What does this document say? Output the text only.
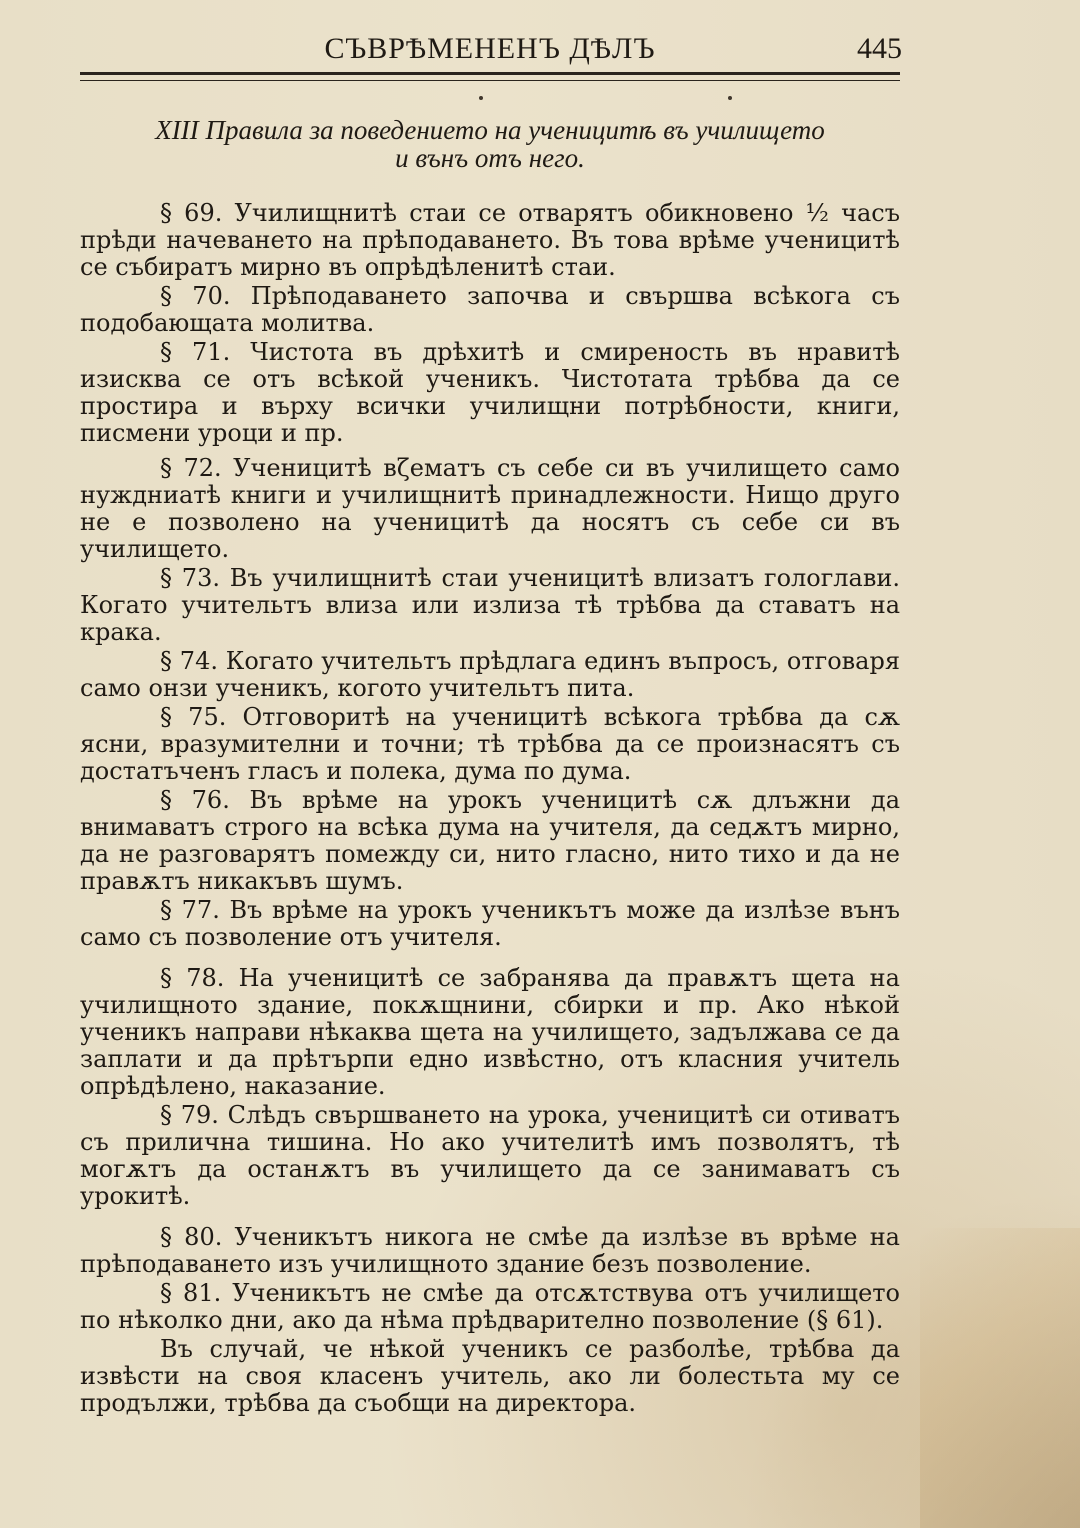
СЪВРѢМЕНЕНЪ ДѢЛЪ	445
XIII Правила за поведението на ученицитѣ въ училището
и вънъ отъ него.

§ 69. Училищнитѣ стаи се отварятъ обикновено ½ часъ прѣди начеването на прѣподаването. Въ това врѣме ученицитѣ се събиратъ мирно въ опрѣдѣленитѣ стаи.

§ 70. Прѣподаването започва и свършва всѣкога съ подобающата молитва.

§ 71. Чистота въ дрѣхитѣ и смиреность въ нравитѣ изисква се отъ всѣкой ученикъ. Чистотата трѣбва да се простира и върху всички училищни потрѣбности, книги, писмени уроци и пр.

§ 72. Ученицитѣ вζематъ съ себе си въ училището само нуждниатѣ книги и училищнитѣ принадлежности. Нищо друго не е позволено на ученицитѣ да носятъ съ себе си въ училището.

§ 73. Въ училищнитѣ стаи ученицитѣ влизатъ гологлави. Когато учительтъ влиза или излиза тѣ трѣбва да ставатъ на крака.

§ 74. Когато учительтъ прѣдлага единъ въпросъ, отговаря само онзи ученикъ, когото учительтъ пита.

§ 75. Отговоритѣ на ученицитѣ всѣкога трѣбва да сѫ ясни, вразумителни и точни; тѣ трѣбва да се произнасятъ съ достатъченъ гласъ и полека, дума по дума.

§ 76. Въ врѣме на урокъ ученицитѣ сѫ длъжни да внимаватъ строго на всѣка дума на учителя, да седѫтъ мирно, да не разговарятъ помежду си, нито гласно, нито тихо и да не правѫтъ никакъвъ шумъ.

§ 77. Въ врѣме на урокъ ученикътъ може да излѣзе вънъ само съ позволение отъ учителя.

§ 78. На ученицитѣ се забранява да правѫтъ щета на училищното здание, покѫщнини, сбирки и пр. Ако нѣкой ученикъ направи нѣкаква щета на училището, задължава се да заплати и да прѣтърпи едно извѣстно, отъ класния учитель опрѣдѣлено, наказание.

§ 79. Слѣдъ свършването на урока, ученицитѣ си отиватъ съ прилична тишина. Но ако учителитѣ имъ позволятъ, тѣ могѫтъ да останѫтъ въ училището да се занимаватъ съ урокитѣ.

§ 80. Ученикътъ никога не смѣе да излѣзе въ врѣме на прѣподаването изъ училищното здание безъ позволение.

§ 81. Ученикътъ не смѣе да отсѫтствува отъ училището по нѣколко дни, ако да нѣма прѣдварително позволение (§ 61).

Въ случай, че нѣкой ученикъ се разболѣе, трѣбва да извѣсти на своя класенъ учитель, ако ли болестьта му се продължи, трѣбва да съобщи на директора.
